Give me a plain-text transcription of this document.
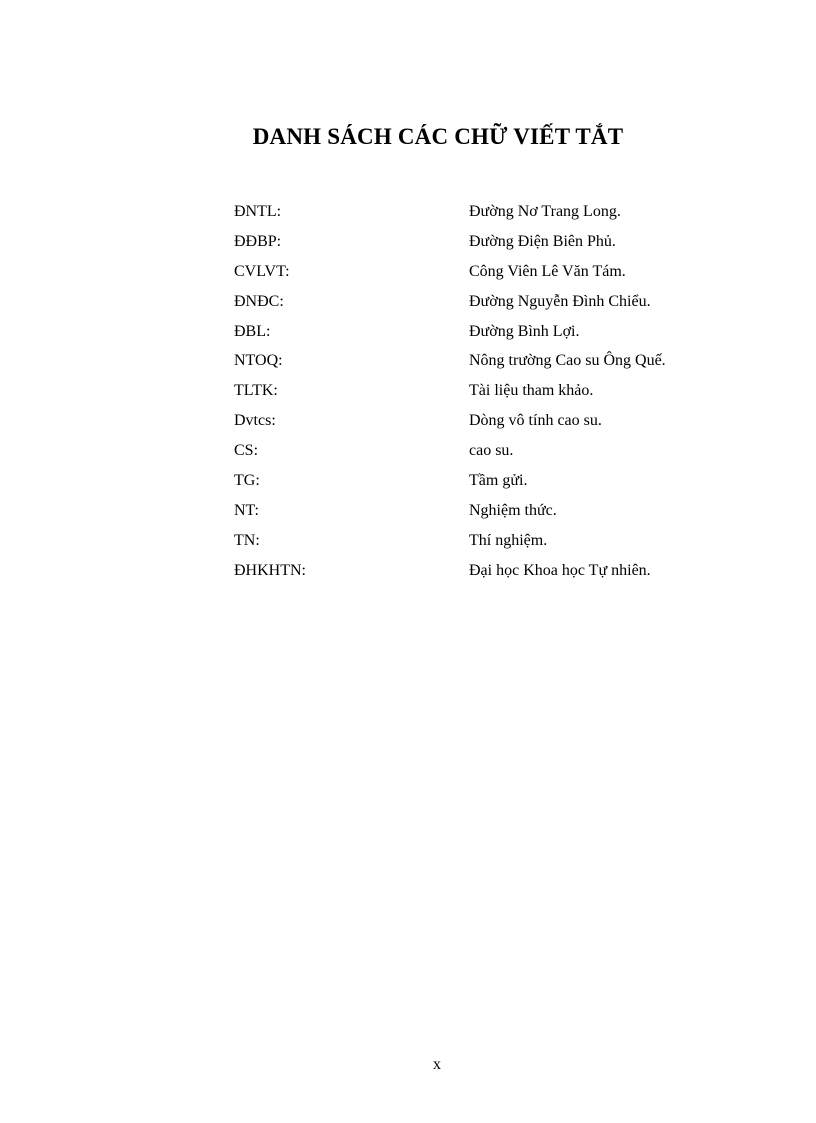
DANH SÁCH CÁC CHỮ VIẾT TẮT
ĐNTL:	Đường Nơ Trang Long.
ĐĐBP:	Đường Điện Biên Phủ.
CVLVT:	Công Viên Lê Văn Tám.
ĐNĐC:	Đường Nguyễn Đình Chiểu.
ĐBL:	Đường Bình Lợi.
NTOQ:	Nông trường Cao su Ông Quế.
TLTK:	Tài liệu tham khảo.
Dvtcs:	Dòng vô tính cao su.
CS:	cao su.
TG:	Tầm gửi.
NT:	Nghiệm thức.
TN:	Thí nghiệm.
ĐHKHTN:	Đại học Khoa học Tự nhiên.
x
